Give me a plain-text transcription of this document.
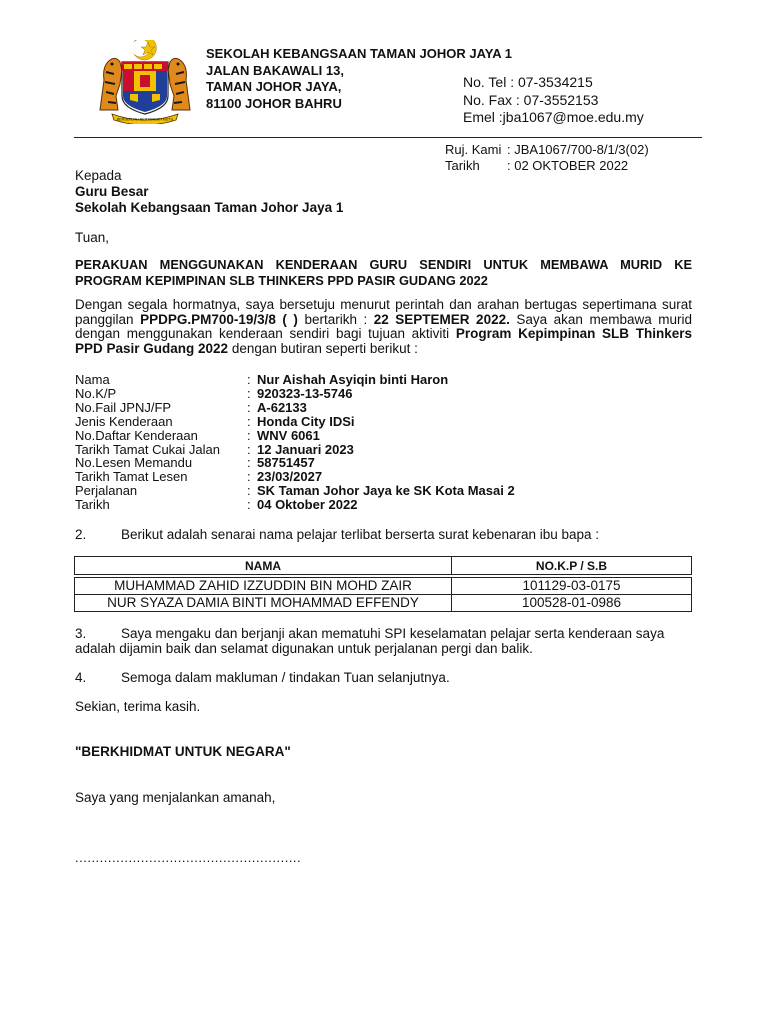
BERSEKUTU BERTAMBAH MUTU
SEKOLAH KEBANGSAAN TAMAN JOHOR JAYA 1
JALAN BAKAWALI 13,
TAMAN JOHOR JAYA,
81100 JOHOR BAHRU
No. Tel : 07-3534215
No. Fax : 07-3552153
Emel :jba1067@moe.edu.my
Ruj. Kami : JBA1067/700-8/1/3(02)
Tarikh	: 02 OKTOBER 2022
Kepada
Guru Besar
Sekolah Kebangsaan Taman Johor Jaya 1
Tuan,
PERAKUAN MENGGUNAKAN KENDERAAN GURU SENDIRI UNTUK MEMBAWA MURID KE PROGRAM KEPIMPINAN SLB THINKERS PPD PASIR GUDANG 2022
Dengan segala hormatnya, saya bersetuju menurut perintah dan arahan bertugas sepertimana surat panggilan PPDPG.PM700-19/3/8 ( ) bertarikh : 22 SEPTEMER 2022. Saya akan membawa murid dengan menggunakan kenderaan sendiri bagi tujuan aktiviti Program Kepimpinan SLB Thinkers PPD Pasir Gudang 2022 dengan butiran seperti berikut :
Nama	: Nur Aishah Asyiqin binti Haron
No.K/P	: 920323-13-5746
No.Fail JPNJ/FP	: A-62133
Jenis Kenderaan	: Honda City IDSi
No.Daftar Kenderaan	: WNV 6061
Tarikh Tamat Cukai Jalan	: 12 Januari 2023
No.Lesen Memandu	: 58751457
Tarikh Tamat Lesen	: 23/03/2027
Perjalanan	: SK Taman Johor Jaya ke SK Kota Masai 2
Tarikh	: 04 Oktober 2022
2.	Berikut adalah senarai nama pelajar terlibat berserta surat kebenaran ibu bapa :
NAMA	NO.K.P / S.B

MUHAMMAD ZAHID IZZUDDIN BIN MOHD ZAIR	101129-03-0175
NUR SYAZA DAMIA BINTI MOHAMMAD EFFENDY	100528-01-0986
3.	Saya mengaku dan berjanji akan mematuhi SPI keselamatan pelajar serta kenderaan saya
adalah dijamin baik dan selamat digunakan untuk perjalanan pergi dan balik.
4.	Semoga dalam makluman / tindakan Tuan selanjutnya.
Sekian, terima kasih.
"BERKHIDMAT UNTUK NEGARA"
Saya yang menjalankan amanah,
.......................................................
